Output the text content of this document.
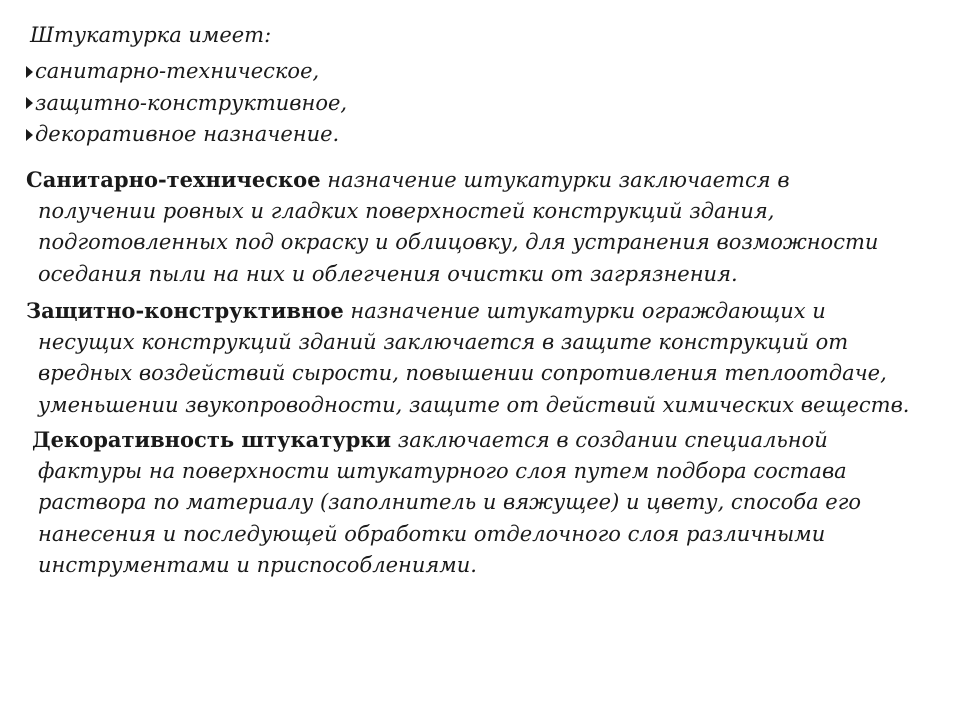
Штукатурка имеет:
санитарно-техническое,
защитно-конструктивное,
декоративное назначение.

Санитарно-техническое назначение штукатурки заключается в
получении ровных и гладких поверхностей конструкций здания,
подготовленных под окраску и облицовку, для устранения возможности
оседания пыли на них и облегчения очистки от загрязнения.

Защитно-конструктивное назначение штукатурки ограждающих и
несущих конструкций зданий заключается в защите конструкций от
вредных воздействий сырости, повышении сопротивления теплоотдаче,
уменьшении звукопроводности, защите от действий химических веществ.

Декоративность штукатурки заключается в создании специальной
фактуры на поверхности штукатурного слоя путем подбора состава
раствора по материалу (заполнитель и вяжущее) и цвету, способа его
нанесения и последующей обработки отделочного слоя различными
инструментами и приспособлениями.
